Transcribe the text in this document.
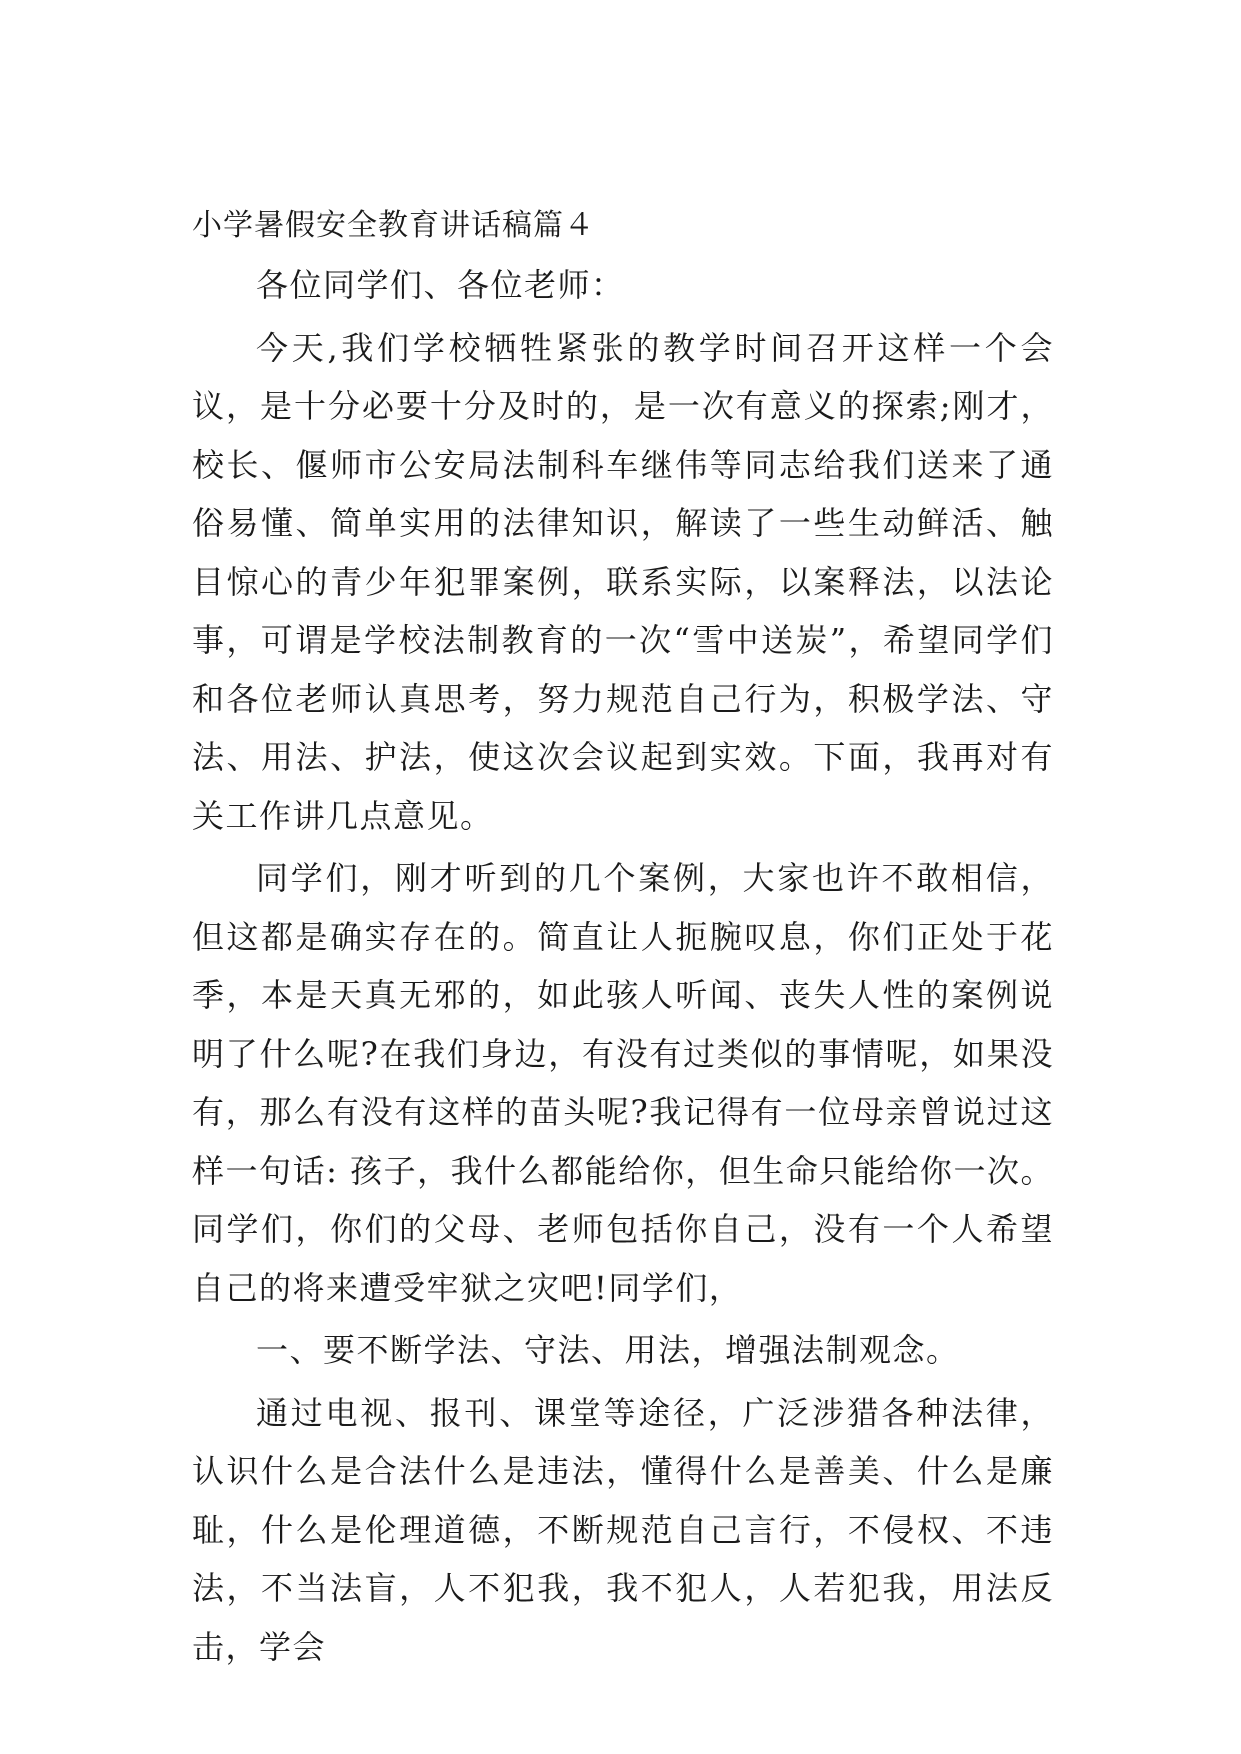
小学暑假安全教育讲话稿篇４

各位同学们、各位老师：

今天,我们学校牺牲紧张的教学时间召开这样一个会议，是十分必要十分及时的，是一次有意义的探索;刚才，校长、偃师市公安局法制科车继伟等同志给我们送来了通俗易懂、简单实用的法律知识，解读了一些生动鲜活、触目惊心的青少年犯罪案例，联系实际，以案释法，以法论事，可谓是学校法制教育的一次“雪中送炭”，希望同学们和各位老师认真思考，努力规范自己行为，积极学法、守法、用法、护法，使这次会议起到实效。下面，我再对有关工作讲几点意见。

同学们，刚才听到的几个案例，大家也许不敢相信，但这都是确实存在的。简直让人扼腕叹息，你们正处于花季，本是天真无邪的，如此骇人听闻、丧失人性的案例说明了什么呢?在我们身边，有没有过类似的事情呢，如果没有，那么有没有这样的苗头呢?我记得有一位母亲曾说过这样一句话: 孩子，我什么都能给你，但生命只能给你一次。同学们，你们的父母、老师包括你自己，没有一个人希望自己的将来遭受牢狱之灾吧!同学们，

一、要不断学法、守法、用法，增强法制观念。

通过电视、报刊、课堂等途径，广泛涉猎各种法律，认识什么是合法什么是违法，懂得什么是善美、什么是廉耻，什么是伦理道德，不断规范自己言行，不侵权、不违法，不当法盲，人不犯我，我不犯人，人若犯我，用法反击，学会
